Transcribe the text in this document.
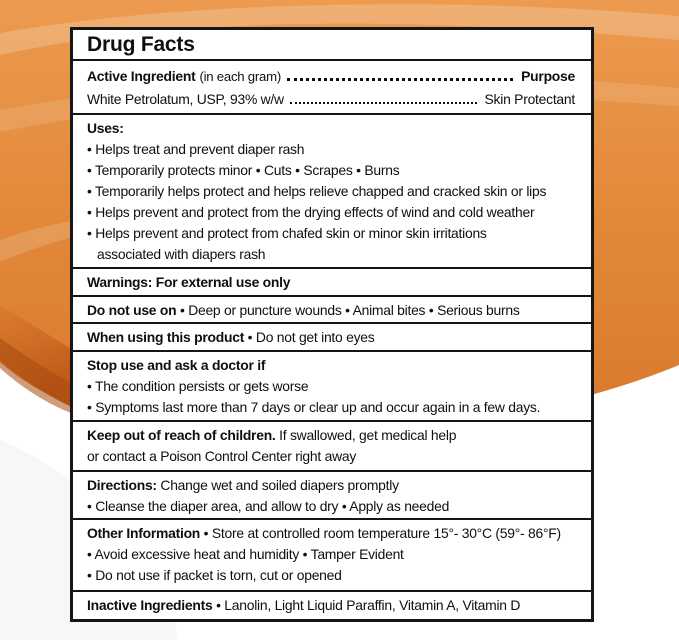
Drug Facts
Active Ingredient (in each gram)	Purpose
White Petrolatum, USP, 93% w/w	Skin Protectant
Uses:
• Helps treat and prevent diaper rash
• Temporarily protects minor • Cuts • Scrapes • Burns
• Temporarily helps protect and helps relieve chapped and cracked skin or lips
• Helps prevent and protect from the drying effects of wind and cold weather
• Helps prevent and protect from chafed skin or minor skin irritations
associated with diapers rash
Warnings: For external use only
Do not use on • Deep or puncture wounds • Animal bites • Serious burns
When using this product • Do not get into eyes
Stop use and ask a doctor if
• The condition persists or gets worse
• Symptoms last more than 7 days or clear up and occur again in a few days.
Keep out of reach of children. If swallowed, get medical help
or contact a Poison Control Center right away
Directions: Change wet and soiled diapers promptly
• Cleanse the diaper area, and allow to dry • Apply as needed
Other Information • Store at controlled room temperature 15°- 30°C (59°- 86°F)
• Avoid excessive heat and humidity • Tamper Evident
• Do not use if packet is torn, cut or opened
Inactive Ingredients • Lanolin, Light Liquid Paraffin, Vitamin A, Vitamin D
